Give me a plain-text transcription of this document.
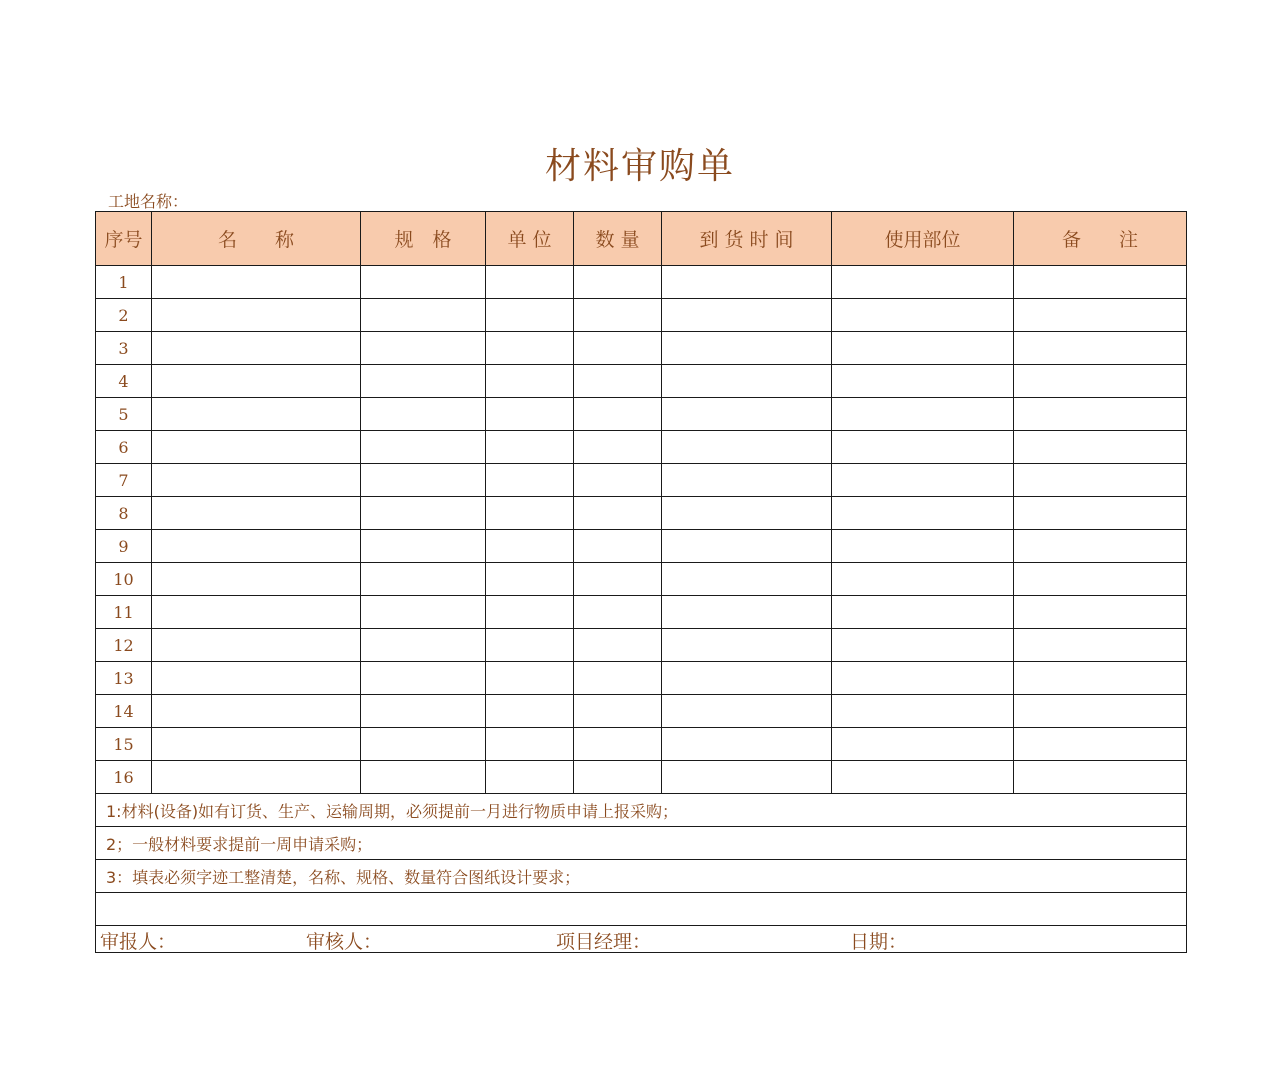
材料审购单
工地名称：
序号	名　　称	规　格	单 位	数 量	到 货 时 间	使用部位	备　　注
1							
2							
3							
4							
5							
6							
7							
8							
9							
10							
11							
12							
13							
14							
15							
16							
1:材料(设备)如有订货、生产、运输周期，必须提前一月进行物质申请上报采购；							
2；一般材料要求提前一周申请采购；							
3：填表必须字迹工整清楚，名称、规格、数量符合图纸设计要求；							

审报人： 审核人： 项目经理： 日期：							
